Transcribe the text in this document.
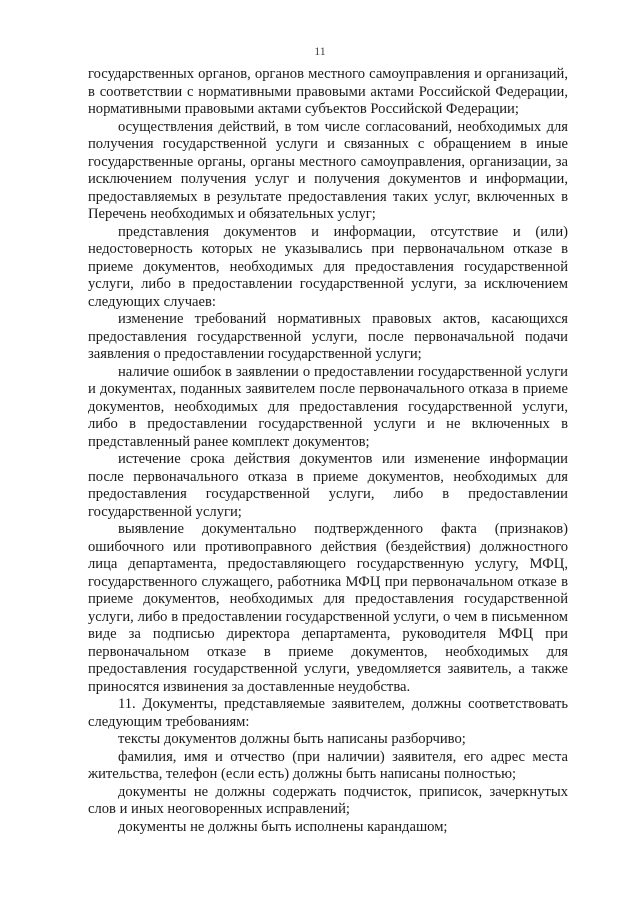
11

государственных органов, органов местного самоуправления и организаций, в соответствии с нормативными правовыми актами Российской Федерации, нормативными правовыми актами субъектов Российской Федерации;

осуществления действий, в том числе согласований, необходимых для получения государственной услуги и связанных с обращением в иные государственные органы, органы местного самоуправления, организации, за исключением получения услуг и получения документов и информации, предоставляемых в результате предоставления таких услуг, включенных в Перечень необходимых и обязательных услуг;

представления документов и информации, отсутствие и (или) недостоверность которых не указывались при первоначальном отказе в приеме документов, необходимых для предоставления государственной услуги, либо в предоставлении государственной услуги, за исключением следующих случаев:

изменение требований нормативных правовых актов, касающихся предоставления государственной услуги, после первоначальной подачи заявления о предоставлении государственной услуги;

наличие ошибок в заявлении о предоставлении государственной услуги и документах, поданных заявителем после первоначального отказа в приеме документов, необходимых для предоставления государственной услуги, либо в предоставлении государственной услуги и не включенных в представленный ранее комплект документов;

истечение срока действия документов или изменение информации после первоначального отказа в приеме документов, необходимых для предоставления государственной услуги, либо в предоставлении государственной услуги;

выявление документально подтвержденного факта (признаков) ошибочного или противоправного действия (бездействия) должностного лица департамента, предоставляющего государственную услугу, МФЦ, государственного служащего, работника МФЦ при первоначальном отказе в приеме документов, необходимых для предоставления государственной услуги, либо в предоставлении государственной услуги, о чем в письменном виде за подписью директора департамента, руководителя МФЦ при первоначальном отказе в приеме документов, необходимых для предоставления государственной услуги, уведомляется заявитель, а также приносятся извинения за доставленные неудобства.

11. Документы, представляемые заявителем, должны соответствовать следующим требованиям:

тексты документов должны быть написаны разборчиво;

фамилия, имя и отчество (при наличии) заявителя, его адрес места жительства, телефон (если есть) должны быть написаны полностью;

документы не должны содержать подчисток, приписок, зачеркнутых слов и иных неоговоренных исправлений;

документы не должны быть исполнены карандашом;
